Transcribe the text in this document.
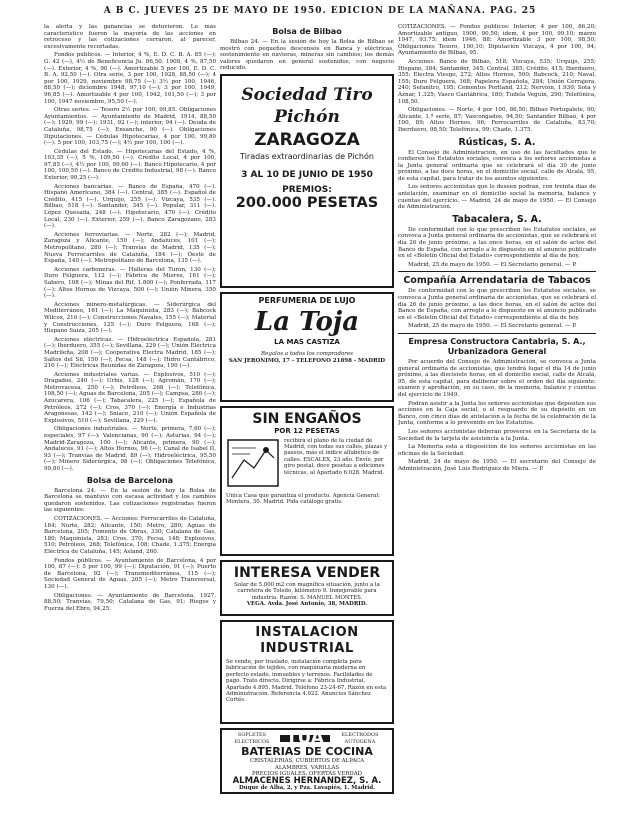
A B C. JUEVES 25 DE MAYO DE 1950. EDICION DE LA MAÑANA. PAG. 25

la alerta y las ganancias se detuvieron. Lo más característico fueron la mayoría de las acciones en retroceso y las cotizaciones cerraron, al parecer, excesivamente recortadas.

Fondos públicos. — Interior, 4 %, E. D. C. B. A. 85 (—); G. 42 (—), 4½ de Beneficencia Ju. 86,50. 1908, 4 %, 87,50 (—). Exterior, 4 %, 90 (—). Amortizable 5 por 100, E. D. C. B. A. 92,50 (—). Otra serie, 3 por 100, 1928, 88,50 (—); 4 por 100, 1929, noviembre 98,75 (—); 3½ por 100, 1946, 88,50 (—); diciembre 1948, 97,10 (—); 3 por 100, 1949, 96,85 (—). Amortizable 4 por 100, 1942, 101,50 (—); 3 por 100, 1947 noviembre, 95,50 (—).

Otras series. — Tesoro 2½ por 100, 99,85. Obligaciones Ayuntamientos. — Ayuntamiento de Madrid, 1914, 88,50 (—); 1929, 99 (—); 1931, 92 (—); interior, 94 (—). Deuda de Cataluña, 98,75 (—); Ensanche, 90 (—). Obligaciones Diputaciones. — Cédulas Hipotecarias, 4 por 100, 99,80 (—). 5 por 100, 103,75 (—); 4½ por 100, 100 (—).

Cédulas del Estado. — Hipotecarias del Estado, 4 %, 103,35 (—), 5 %, 109,50 (—). Crédito Local, 4 por 100, 97,85 (—), 4½ por 100, 99,60 (—). Banco Hipotecario, 4 por 100, 100,50 (—). Banco de Crédito Industrial, 98 (—). Banco Exterior, 99,25 (—).

Acciones bancarias. — Banco de España, 470 (—). Hispano Americano, 384 (—). Central, 385 (—). Español de Crédito, 415 (—). Urquijo, 255 (—). Vizcaya, 535 (—). Bilbao, 518 (—). Santander, 345 (—). Popular, 311 (—). López Quesada, 248 (—). Hipotecario, 470 (—). Crédito Local, 230 (—). Exterior, 259 (—). Banco Zaragozano, 283 (—).

Acciones ferroviarias. — Norte, 282 (—); Madrid, Zaragoza y Alicante, 150 (—); Andaluces, 101 (—); Metropolitano, 280 (—); Tranvías de Madrid, 135 (—); Nueva Ferrocarriles de Cataluña, 184 (—); Oeste de España, 140 (—). Metropolitano de Barcelona, 135 (—).

Acciones carboneras. — Hulleras del Turón, 130 (—); Duro Felguera, 112 (—); Fábrica de Mieres, 161 (—); Sabero, 108 (—); Minas del Rif, 1.800 (—); Ponferrada, 117 (—); Altos Hornos de Vizcaya, 500 (—); Unión Minera, 350 (—).

Acciones minero-metalúrgicas. — Siderúrgica del Mediterráneo, 161 (—); La Maquinista, 283 (—); Babcock Wilcox, 210 (—); Construcciones Navales, 155 (—); Material y Construcciones, 125 (—); Duro Felguera, 168 (—); Hispano Suiza, 205 (—).

Acciones eléctricas. — Hidroeléctrica Española, 281 (—); Iberduero, 355 (—); Sevillana, 229 (—); Unión Eléctrica Madrileña, 208 (—); Cooperativa Electra Madrid, 185 (—); Saltos del Sil, 150 (—); Fecsa, 148 (—); Hidro Cantábrico, 210 (—); Eléctricas Reunidas de Zaragoza, 190 (—).

Acciones industriales varias. — Explosivos, 510 (—); Dragados, 240 (—); Urbis, 128 (—); Agromán, 170 (—); Metrovacesa, 250 (—); Petróleos, 268 (—); Telefónica, 108,50 (—); Aguas de Barcelona, 205 (—); Campsa, 280 (—); Azucarera, 106 (—); Tabacalera, 225 (—); Española de Petróleos, 272 (—); Cros, 370 (—); Energía e Industrias Aragonesas, 142 (—); Sniace, 210 (—); Unión Española de Explosivos, 510 (—); Sevillana, 229 (—).

Obligaciones industriales. — Norte, primera, 7,60 (—); especiales, 97 (—); Valencianas, 90 (—); Asturias, 94 (—); Madrid-Zaragoza, 100 (—); Alicante, primera, 90 (—); Andaluces, 91 (—); Altos Hornos, 96 (—); Canal de Isabel II, 93 (—); Tranvías de Madrid, 89 (—); Hidroeléctrica, 95,50 (—); Minero Siderúrgica, 98 (—); Obligaciones Telefónica, 99,80 (—).

Bolsa de Barcelona

Barcelona 24. — En la sesión de hoy la Bolsa de Barcelona se mantuvo con escasa actividad y los cambios quedaron sostenidos. Las cotizaciones registradas fueron las siguientes:

COTIZACIONES. — Acciones: Ferrocarriles de Cataluña, 184; Norte, 282; Alicante, 150; Metro, 280; Aguas de Barcelona, 205; Fomento de Obras, 330; Catalana de Gas, 180; Maquinista, 283; Cros, 370; Fecsa, 148; Explosivos, 510; Petróleos, 268; Telefónica, 108; Chade, 1.375; Energía Eléctrica de Cataluña, 145; Asland, 260.

Fondos públicos. — Ayuntamiento de Barcelona, 4 por 100, 87 (—); 5 por 100, 99 (—); Diputación, 91 (—); Puerto de Barcelona, 92 (—); Transmediterránea, 115 (—); Sociedad General de Aguas, 205 (—); Metro Transversal, 130 (—).

Obligaciones. — Ayuntamiento de Barcelona, 1927, 88,50; Tranvías, 79,50; Catalana de Gas, 91; Riegos y Fuerza del Ebro, 94,25.

Bolsa de Bilbao

Bilbao 24. — En la sesión de hoy la Bolsa de Bilbao se mostró con pequeños descensos en Banca y eléctricas, sostenimiento en navieras, mineras sin cambios; los demás valores quedaron en general sostenidos, con negocio reducido.

Sociedad Tiro Pichón
ZARAGOZA
Tiradas extraordinarias de Pichón
3 AL 10 DE JUNIO DE 1950
PREMIOS:
200.000 PESETAS
PERFUMERIA DE LUJO
La Toja
LA MAS CASTIZA
Regalos a todos los compradores
SAN JERONIMO, 17 - TELEFONO 21898 - MADRID
SIN ENGAÑOS
POR 12 PESETAS
recibirá el plano de la ciudad de Madrid, con todas sus calles, plazas y paseos, más el índice alfabético de calles. ESCALEX, 23 año. Envíe, por giro postal, doce pesetas a ediciones técnicas, al Apartado 6.028. Madrid.
Unica Casa que garantiza el producto. Agencia General: Montera, 30. Madrid. Pida catálogo gratis.
INTERESA VENDER
Solar de 5.000 m2 con magnífica situación, junto a la carretera de Toledo, kilómetro 9. Inmejorable para industria. Razón: S. MANUEL MONTES.
VEGA. Avda. José Antonio, 38, MADRID.
INSTALACION INDUSTRIAL
Se vende, por traslado, instalación completa para fabricación de tejidos, con maquinaria moderna en perfecto estado, inmuebles y terrenos. Facilidades de pago. Trato directo. Dirigirse a: Fábrica Industrial, Apartado 4.895. Madrid. Teléfono 23-24-67. Razón en esta Administración. Referencia 4.922. Anuncios Sánchez Cortés.
SOPLETES ELECTRICOS TUA	ELECTRODOS AUTOGENA
BATERIAS DE COCINA
CRISTALERIAS, CUBIERTOS DE ALPACA
ALAMBRES, VARILLAS
PRECIOS IGUALES. OFERTAS VERDAD
ALMACENES HERNANDEZ, S. A.
Duque de Alba, 2, y Pza. Lavapiés, 1. Madrid.

COTIZACIONES. — Fondos públicos: Interior, 4 por 100, 86,20; Amortizable antiguo, 1900, 90,50; idem, 4 por 100, 99,10; marzo 1947, 93,75; idem 1946, 88; Amortizable 3 por 100, 98,50; Obligaciones Tesoro, 100,10; Diputación Vizcaya, 4 por 100, 94; Ayuntamiento de Bilbao, 95.

Acciones: Banco de Bilbao, 518; Vizcaya, 535; Urquijo, 255; Hispano, 384; Santander, 345; Central, 385; Crédito, 415; Iberduero, 355; Electra Viesgo, 272; Altos Hornos, 500; Babcock, 210; Naval, 155; Duro Felguera, 168; Papelera Española, 284; Unión Cerrajera, 240; Sefanitro, 195; Cementos Portland, 212; Nervión, 1.930; Sota y Aznar, 1.325; Vasco Cantábrica, 180; Tudela Veguín, 290; Telefónica, 108,50.

Obligaciones. — Norte, 4 por 100, 86,50; Bilbao Portugalete, 90; Alicante, 1.ª serie, 87; Vascongados, 94,50; Santander Bilbao, 4 por 100, 89; Altos Hornos, 96; Ferrocarriles de Cataluña, 83,70; Iberduero, 98,50; Telefónica, 99; Chade, 1.375.

Rústicas, S. A.

El Consejo de Administración, en uso de las facultades que le confieren los Estatutos sociales, convoca a los señores accionistas a la Junta general ordinaria que se celebrará el día 30 de junio próximo, a las doce horas, en el domicilio social, calle de Alcalá, 95, de esta capital, para tratar de los asuntos siguientes.

Los señores accionistas que lo deseen podrán, con treinta días de antelación, examinar en el domicilio social la memoria, balance y cuentas del ejercicio. — Madrid, 24 de mayo de 1950. — El Consejo de Administración.

Tabacalera, S. A.

De conformidad con lo que prescriben los Estatutos sociales, se convoca a Junta general ordinaria de accionistas, que se celebrará el día 26 de junio próximo, a las once horas, en el salón de actos del Banco de España, con arreglo a lo dispuesto en el anuncio publicado en el «Boletín Oficial del Estado» correspondiente al día de hoy.

Madrid, 25 de mayo de 1950. — El Secretario general. — P.

Compañía Arrendataria de Tabacos

De conformidad con lo que prescriben los Estatutos sociales, se convoca a Junta general ordinaria de accionistas, que se celebrará el día 26 de junio próximo, a las doce horas, en el salón de actos del Banco de España, con arreglo a lo dispuesto en el anuncio publicado en el «Boletín Oficial del Estado» correspondiente al día de hoy.

Madrid, 25 de mayo de 1950. — El Secretario general. — P.

Empresa Constructora Cantabria, S. A., Urbanizadora General

Por acuerdo del Consejo de Administración, se convoca a Junta general ordinaria de accionistas, que tendrá lugar el día 14 de junio próximo, a las diecisiete horas, en el domicilio social, calle de Alcalá, 95, de esta capital, para deliberar sobre el orden del día siguiente: examen y aprobación, en su caso, de la memoria, balance y cuentas del ejercicio de 1949.

Podrán asistir a la Junta los señores accionistas que depositen sus acciones en la Caja social, o el resguardo de su depósito en un Banco, con cinco días de antelación a la fecha de la celebración de la Junta, conforme a lo prevenido en los Estatutos.

Los señores accionistas deberán proveerse en la Secretaría de la Sociedad de la tarjeta de asistencia a la Junta.

La Memoria está a disposición de los señores accionistas en las oficinas de la Sociedad.

Madrid, 24 de mayo de 1950. — El secretario del Consejo de Administración, José Luis Rodríguez de Miera. — P.
